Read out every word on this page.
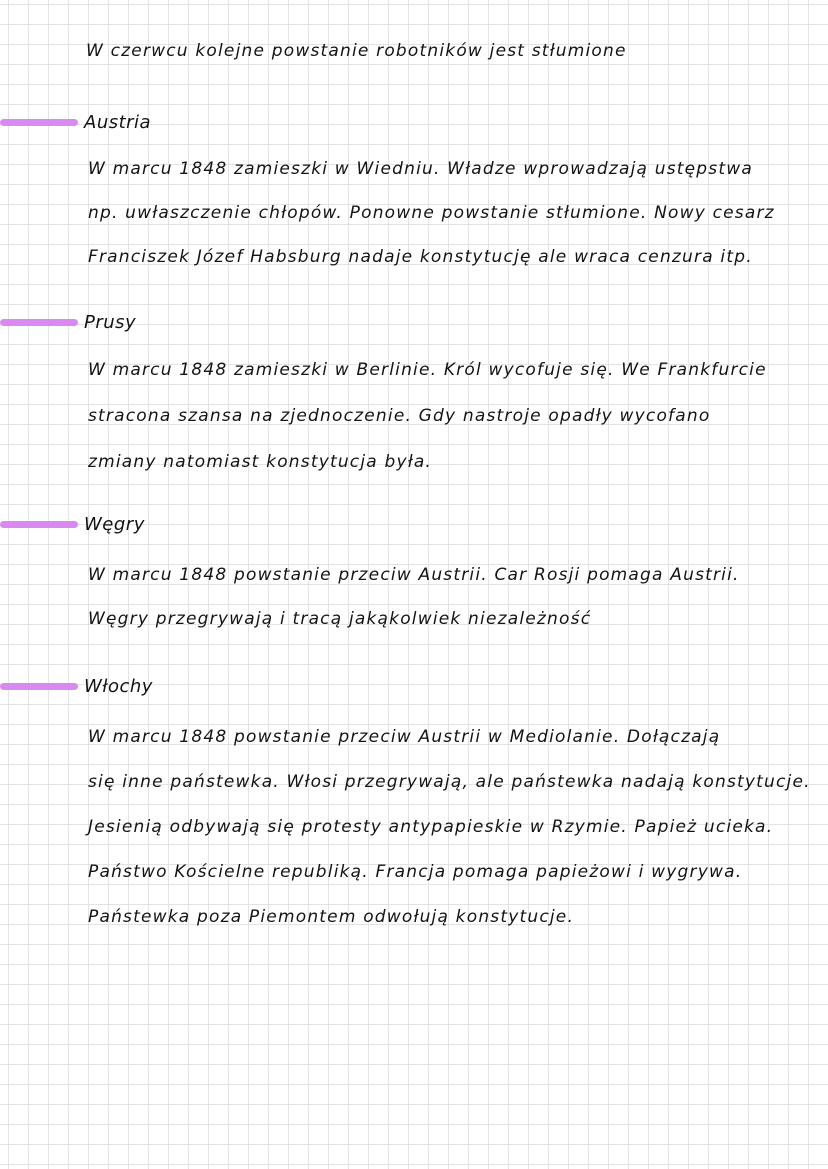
W czerwcu kolejne powstanie robotników jest stłumione
Austria
W marcu 1848 zamieszki w Wiedniu. Władze wprowadzają ustępstwa
np. uwłaszczenie chłopów. Ponowne powstanie stłumione. Nowy cesarz
Franciszek Józef Habsburg nadaje konstytucję ale wraca cenzura itp.
Prusy
W marcu 1848 zamieszki w Berlinie. Król wycofuje się. We Frankfurcie
stracona szansa na zjednoczenie. Gdy nastroje opadły wycofano
zmiany natomiast konstytucja była.
Węgry
W marcu 1848 powstanie przeciw Austrii. Car Rosji pomaga Austrii.
Węgry przegrywają i tracą jakąkolwiek niezależność
Włochy
W marcu 1848 powstanie przeciw Austrii w Mediolanie. Dołączają
się inne państewka. Włosi przegrywają, ale państewka nadają konstytucje.
Jesienią odbywają się protesty antypapieskie w Rzymie. Papież ucieka.
Państwo Kościelne republiką. Francja pomaga papieżowi i wygrywa.
Państewka poza Piemontem odwołują konstytucje.
